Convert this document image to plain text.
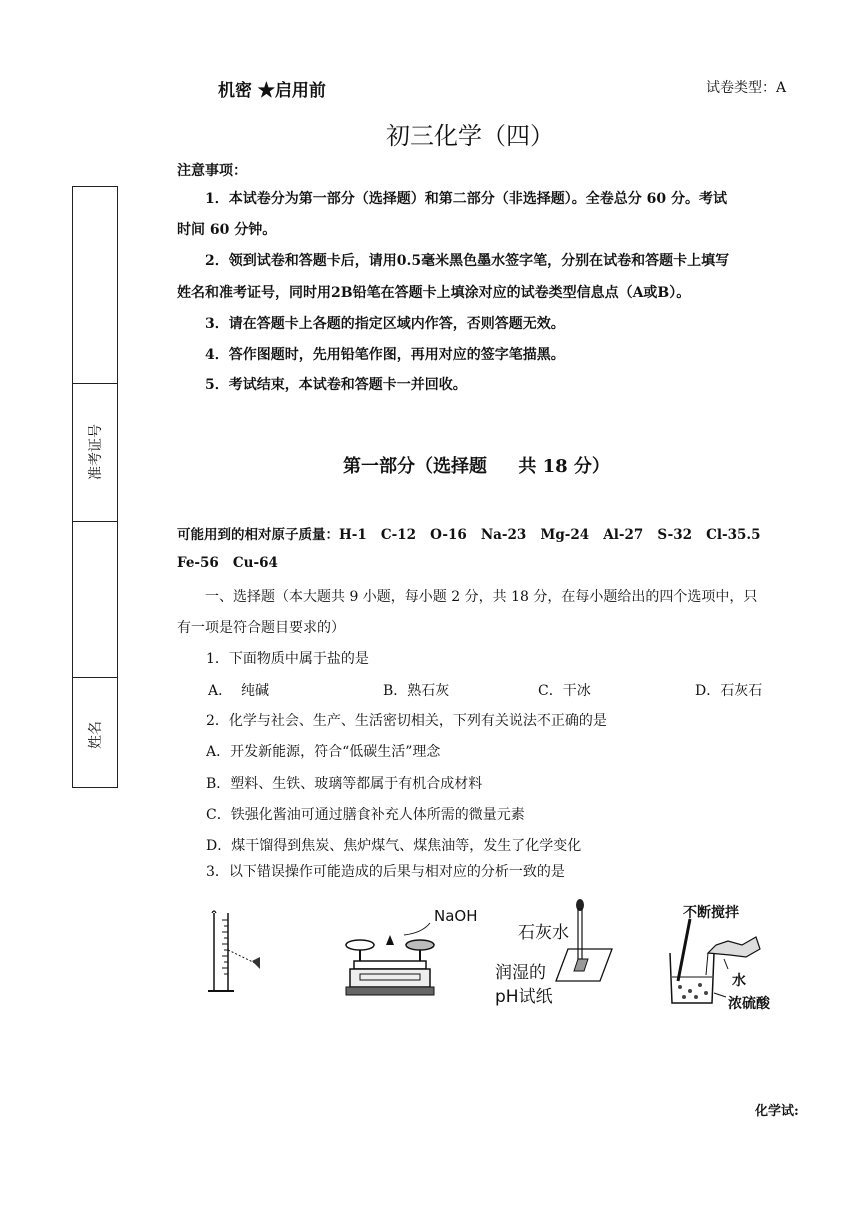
机密 ★启用前	试卷类型：A
初三化学（四）
注意事项：
1．本试卷分为第一部分（选择题）和第二部分（非选择题）。全卷总分 60 分。考试
时间 60 分钟。
2．领到试卷和答题卡后，请用0.5毫米黑色墨水签字笔，分别在试卷和答题卡上填写
姓名和准考证号，同时用2B铅笔在答题卡上填涂对应的试卷类型信息点（A或B）。
3．请在答题卡上各题的指定区域内作答，否则答题无效。
4．答作图题时，先用铅笔作图，再用对应的签字笔描黑。
5．考试结束，本试卷和答题卡一并回收。
准考证号
姓名
第一部分（选择题     共 18 分）
可能用到的相对原子质量：H-1   C-12   O-16   Na-23   Mg-24   Al-27   S-32   Cl-35.5
Fe-56   Cu-64
一、选择题（本大题共 9 小题，每小题 2 分，共 18 分，在每小题给出的四个选项中，只
有一项是符合题目要求的）
1．下面物质中属于盐的是
A．  纯碱	B．熟石灰	C．干冰	D．石灰石
2．化学与社会、生产、生活密切相关，下列有关说法不正确的是
A．开发新能源，符合“低碳生活”理念
B．塑料、生铁、玻璃等都属于有机合成材料
C．铁强化酱油可通过膳食补充人体所需的微量元素
D．煤干馏得到焦炭、焦炉煤气、煤焦油等，发生了化学变化
3．以下错误操作可能造成的后果与相对应的分析一致的是
NaOH
石灰水
润湿的
pH试纸
不断搅拌
水
浓硫酸
化学试:
